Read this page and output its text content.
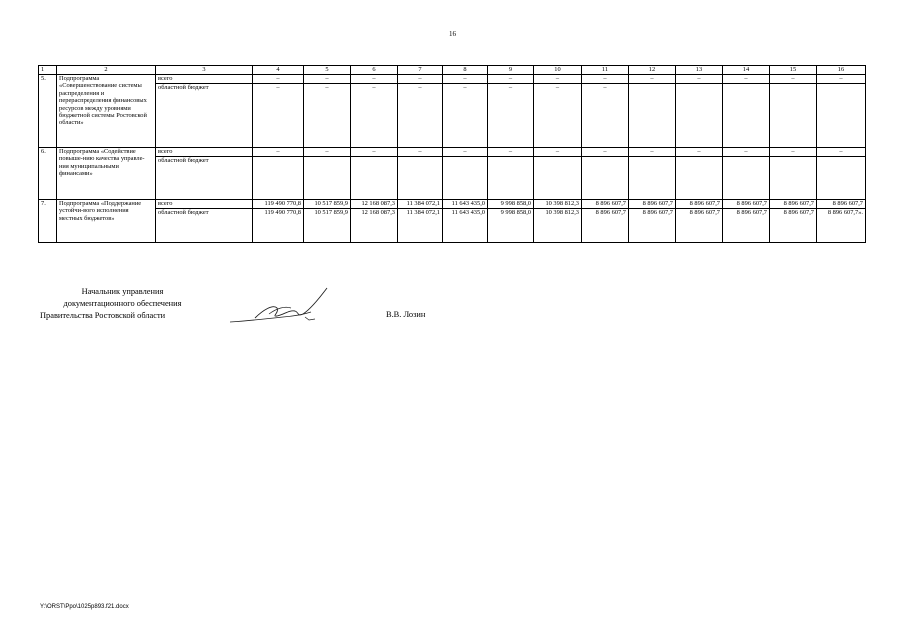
16
1	2	3	4	5	6	7	8	9	10	11	12	13	14	15	16
5.	Подпрограмма «Совершенствование системы распределения и перераспределения финансовых ресурсов между уровнями бюджетной системы Ростовской области»	всего	–	–	–	–	–	–	–	–	–	–	–	–	–
		областной бюджет	–	–	–	–	–	–	–	–					
6.	Подпрограмма «Содействие повыше-нию качества управле-ния муниципальными финансами»	всего	–	–	–	–	–	–	–	–	–	–	–	–	–
		областной бюджет													
7.	Подпрограмма «Поддержание устойчи-вого исполнения местных бюджетов»	всего	119 490 770,8	10 517 859,9	12 168 087,3	11 384 072,1	11 643 435,0	9 998 858,0	10 398 812,3	8 896 607,7	8 896 607,7	8 896 607,7	8 896 607,7	8 896 607,7	8 896 607,7
		областной бюджет	119 490 770,8	10 517 859,9	12 168 087,3	11 384 072,1	11 643 435,0	9 998 858,0	10 398 812,3	8 896 607,7	8 896 607,7	8 896 607,7	8 896 607,7	8 896 607,7	8 896 607,7».
Начальник управления
документационного обеспечения
Правительства Ростовской области	В.В. Лозин
Y:\ORST\Ppo\1025p893.f21.docx
